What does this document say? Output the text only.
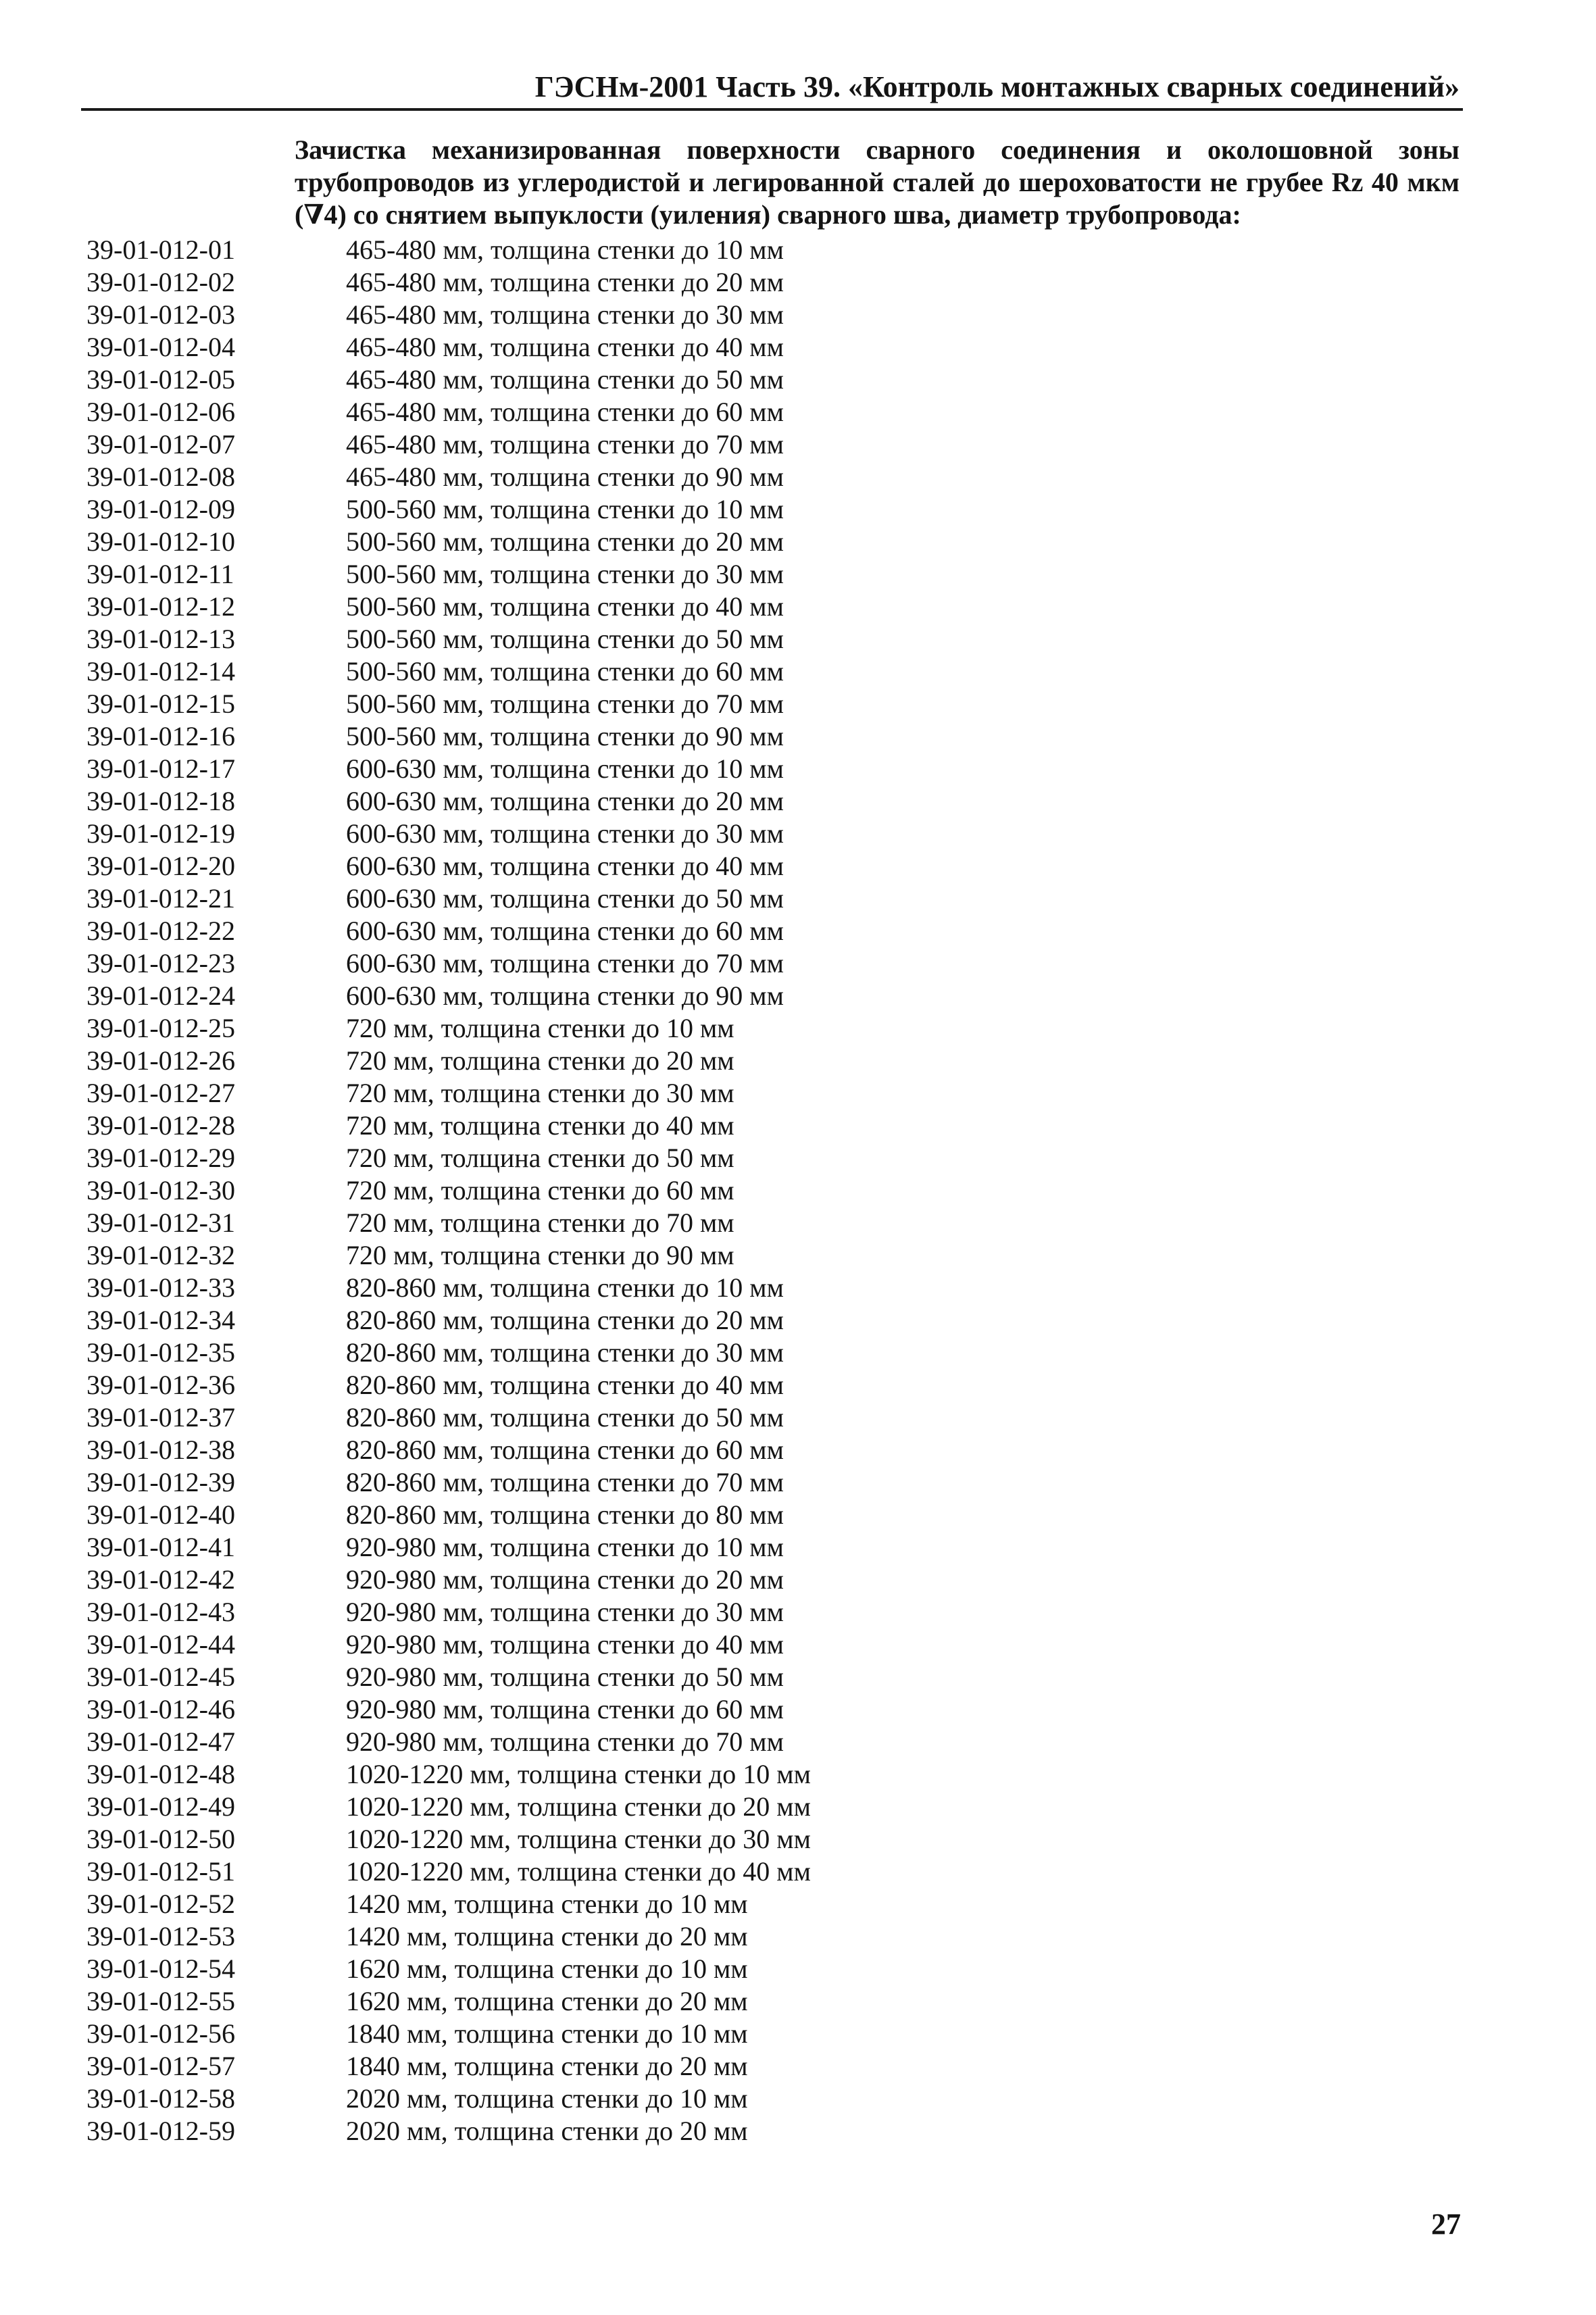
ГЭСНм-2001 Часть 39. «Контроль монтажных сварных соединений»

Зачистка механизированная поверхности сварного соединения и околошовной зоны трубопроводов из углеродистой и легированной сталей до шероховатости не грубее Rz 40 мкм (∇4) со снятием выпуклости (уиления) сварного шва, диаметр трубопровода:

39-01-012-01	465-480 мм, толщина стенки до 10 мм
39-01-012-02	465-480 мм, толщина стенки до 20 мм
39-01-012-03	465-480 мм, толщина стенки до 30 мм
39-01-012-04	465-480 мм, толщина стенки до 40 мм
39-01-012-05	465-480 мм, толщина стенки до 50 мм
39-01-012-06	465-480 мм, толщина стенки до 60 мм
39-01-012-07	465-480 мм, толщина стенки до 70 мм
39-01-012-08	465-480 мм, толщина стенки до 90 мм
39-01-012-09	500-560 мм, толщина стенки до 10 мм
39-01-012-10	500-560 мм, толщина стенки до 20 мм
39-01-012-11	500-560 мм, толщина стенки до 30 мм
39-01-012-12	500-560 мм, толщина стенки до 40 мм
39-01-012-13	500-560 мм, толщина стенки до 50 мм
39-01-012-14	500-560 мм, толщина стенки до 60 мм
39-01-012-15	500-560 мм, толщина стенки до 70 мм
39-01-012-16	500-560 мм, толщина стенки до 90 мм
39-01-012-17	600-630 мм, толщина стенки до 10 мм
39-01-012-18	600-630 мм, толщина стенки до 20 мм
39-01-012-19	600-630 мм, толщина стенки до 30 мм
39-01-012-20	600-630 мм, толщина стенки до 40 мм
39-01-012-21	600-630 мм, толщина стенки до 50 мм
39-01-012-22	600-630 мм, толщина стенки до 60 мм
39-01-012-23	600-630 мм, толщина стенки до 70 мм
39-01-012-24	600-630 мм, толщина стенки до 90 мм
39-01-012-25	720 мм, толщина стенки до 10 мм
39-01-012-26	720 мм, толщина стенки до 20 мм
39-01-012-27	720 мм, толщина стенки до 30 мм
39-01-012-28	720 мм, толщина стенки до 40 мм
39-01-012-29	720 мм, толщина стенки до 50 мм
39-01-012-30	720 мм, толщина стенки до 60 мм
39-01-012-31	720 мм, толщина стенки до 70 мм
39-01-012-32	720 мм, толщина стенки до 90 мм
39-01-012-33	820-860 мм, толщина стенки до 10 мм
39-01-012-34	820-860 мм, толщина стенки до 20 мм
39-01-012-35	820-860 мм, толщина стенки до 30 мм
39-01-012-36	820-860 мм, толщина стенки до 40 мм
39-01-012-37	820-860 мм, толщина стенки до 50 мм
39-01-012-38	820-860 мм, толщина стенки до 60 мм
39-01-012-39	820-860 мм, толщина стенки до 70 мм
39-01-012-40	820-860 мм, толщина стенки до 80 мм
39-01-012-41	920-980 мм, толщина стенки до 10 мм
39-01-012-42	920-980 мм, толщина стенки до 20 мм
39-01-012-43	920-980 мм, толщина стенки до 30 мм
39-01-012-44	920-980 мм, толщина стенки до 40 мм
39-01-012-45	920-980 мм, толщина стенки до 50 мм
39-01-012-46	920-980 мм, толщина стенки до 60 мм
39-01-012-47	920-980 мм, толщина стенки до 70 мм
39-01-012-48	1020-1220 мм, толщина стенки до 10 мм
39-01-012-49	1020-1220 мм, толщина стенки до 20 мм
39-01-012-50	1020-1220 мм, толщина стенки до 30 мм
39-01-012-51	1020-1220 мм, толщина стенки до 40 мм
39-01-012-52	1420 мм, толщина стенки до 10 мм
39-01-012-53	1420 мм, толщина стенки до 20 мм
39-01-012-54	1620 мм, толщина стенки до 10 мм
39-01-012-55	1620 мм, толщина стенки до 20 мм
39-01-012-56	1840 мм, толщина стенки до 10 мм
39-01-012-57	1840 мм, толщина стенки до 20 мм
39-01-012-58	2020 мм, толщина стенки до 10 мм
39-01-012-59	2020 мм, толщина стенки до 20 мм
27
